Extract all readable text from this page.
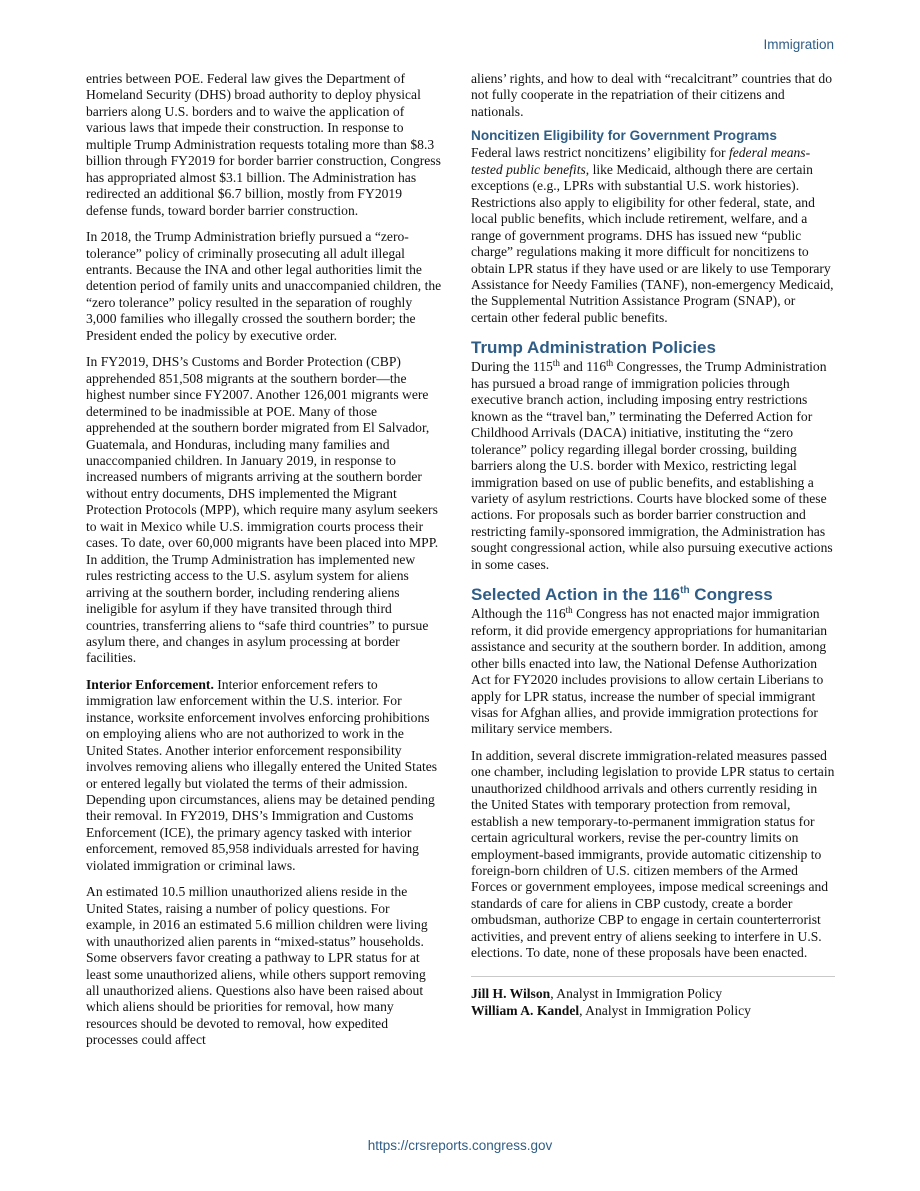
Immigration

entries between POE. Federal law gives the Department of Homeland Security (DHS) broad authority to deploy physical barriers along U.S. borders and to waive the application of various laws that impede their construction. In response to multiple Trump Administration requests totaling more than $8.3 billion through FY2019 for border barrier construction, Congress has appropriated almost $3.1 billion. The Administration has redirected an additional $6.7 billion, mostly from FY2019 defense funds, toward border barrier construction.

In 2018, the Trump Administration briefly pursued a “zero-tolerance” policy of criminally prosecuting all adult illegal entrants. Because the INA and other legal authorities limit the detention period of family units and unaccompanied children, the “zero tolerance” policy resulted in the separation of roughly 3,000 families who illegally crossed the southern border; the President ended the policy by executive order.

In FY2019, DHS’s Customs and Border Protection (CBP) apprehended 851,508 migrants at the southern border—the highest number since FY2007. Another 126,001 migrants were determined to be inadmissible at POE. Many of those apprehended at the southern border migrated from El Salvador, Guatemala, and Honduras, including many families and unaccompanied children. In January 2019, in response to increased numbers of migrants arriving at the southern border without entry documents, DHS implemented the Migrant Protection Protocols (MPP), which require many asylum seekers to wait in Mexico while U.S. immigration courts process their cases. To date, over 60,000 migrants have been placed into MPP. In addition, the Trump Administration has implemented new rules restricting access to the U.S. asylum system for aliens arriving at the southern border, including rendering aliens ineligible for asylum if they have transited through third countries, transferring aliens to “safe third countries” to pursue asylum there, and changes in asylum processing at border facilities.

Interior Enforcement. Interior enforcement refers to immigration law enforcement within the U.S. interior. For instance, worksite enforcement involves enforcing prohibitions on employing aliens who are not authorized to work in the United States. Another interior enforcement responsibility involves removing aliens who illegally entered the United States or entered legally but violated the terms of their admission. Depending upon circumstances, aliens may be detained pending their removal. In FY2019, DHS’s Immigration and Customs Enforcement (ICE), the primary agency tasked with interior enforcement, removed 85,958 individuals arrested for having violated immigration or criminal laws.

An estimated 10.5 million unauthorized aliens reside in the United States, raising a number of policy questions. For example, in 2016 an estimated 5.6 million children were living with unauthorized alien parents in “mixed-status” households. Some observers favor creating a pathway to LPR status for at least some unauthorized aliens, while others support removing all unauthorized aliens. Questions also have been raised about which aliens should be priorities for removal, how many resources should be devoted to removal, how expedited processes could affect

aliens’ rights, and how to deal with “recalcitrant” countries that do not fully cooperate in the repatriation of their citizens and nationals.

Noncitizen Eligibility for Government Programs

Federal laws restrict noncitizens’ eligibility for federal means-tested public benefits, like Medicaid, although there are certain exceptions (e.g., LPRs with substantial U.S. work histories). Restrictions also apply to eligibility for other federal, state, and local public benefits, which include retirement, welfare, and a range of government programs. DHS has issued new “public charge” regulations making it more difficult for noncitizens to obtain LPR status if they have used or are likely to use Temporary Assistance for Needy Families (TANF), non-emergency Medicaid, the Supplemental Nutrition Assistance Program (SNAP), or certain other federal public benefits.

Trump Administration Policies

During the 115th and 116th Congresses, the Trump Administration has pursued a broad range of immigration policies through executive branch action, including imposing entry restrictions known as the “travel ban,” terminating the Deferred Action for Childhood Arrivals (DACA) initiative, instituting the “zero tolerance” policy regarding illegal border crossing, building barriers along the U.S. border with Mexico, restricting legal immigration based on use of public benefits, and establishing a variety of asylum restrictions. Courts have blocked some of these actions. For proposals such as border barrier construction and restricting family-sponsored immigration, the Administration has sought congressional action, while also pursuing executive actions in some cases.

Selected Action in the 116th Congress

Although the 116th Congress has not enacted major immigration reform, it did provide emergency appropriations for humanitarian assistance and security at the southern border. In addition, among other bills enacted into law, the National Defense Authorization Act for FY2020 includes provisions to allow certain Liberians to apply for LPR status, increase the number of special immigrant visas for Afghan allies, and provide immigration protections for military service members.

In addition, several discrete immigration-related measures passed one chamber, including legislation to provide LPR status to certain unauthorized childhood arrivals and others currently residing in the United States with temporary protection from removal, establish a new temporary-to-permanent immigration status for certain agricultural workers, revise the per-country limits on employment-based immigrants, provide automatic citizenship to foreign-born children of U.S. citizen members of the Armed Forces or government employees, impose medical screenings and standards of care for aliens in CBP custody, create a border ombudsman, authorize CBP to engage in certain counterterrorist activities, and prevent entry of aliens seeking to interfere in U.S. elections. To date, none of these proposals have been enacted.

Jill H. Wilson, Analyst in Immigration Policy

William A. Kandel, Analyst in Immigration Policy

https://crsreports.congress.gov
